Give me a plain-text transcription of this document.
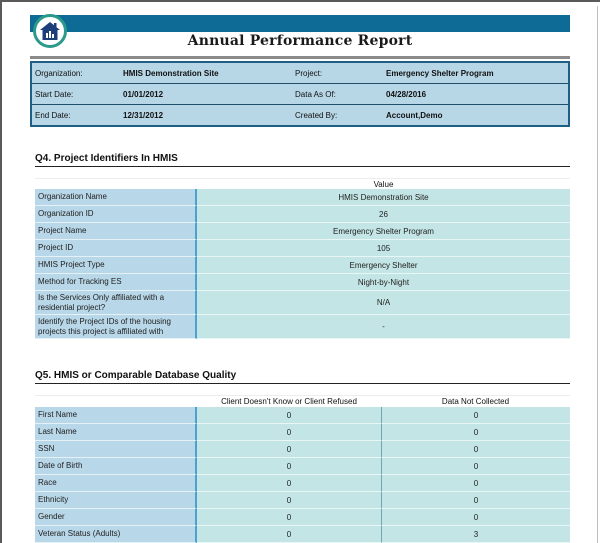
Annual Performance Report
Organization:	HMIS Demonstration Site	Project:	Emergency Shelter Program
Start Date:	01/01/2012	Data As Of:	04/28/2016
End Date:	12/31/2012	Created By:	Account,Demo
Q4. Project Identifiers In HMIS
Value
Organization Name	HMIS Demonstration Site
Organization ID	26
Project Name	Emergency Shelter Program
Project ID	105
HMIS Project Type	Emergency Shelter
Method for Tracking ES	Night-by-Night
Is the Services Only affiliated with a residential project?	N/A
Identify the Project IDs of the housing projects this project is affiliated with	-
Q5. HMIS or Comparable Database Quality
Client Doesn't Know or Client Refused	Data Not Collected
First Name	0	0
Last Name	0	0
SSN	0	0
Date of Birth	0	0
Race	0	0
Ethnicity	0	0
Gender	0	0
Veteran Status (Adults)	0	3
